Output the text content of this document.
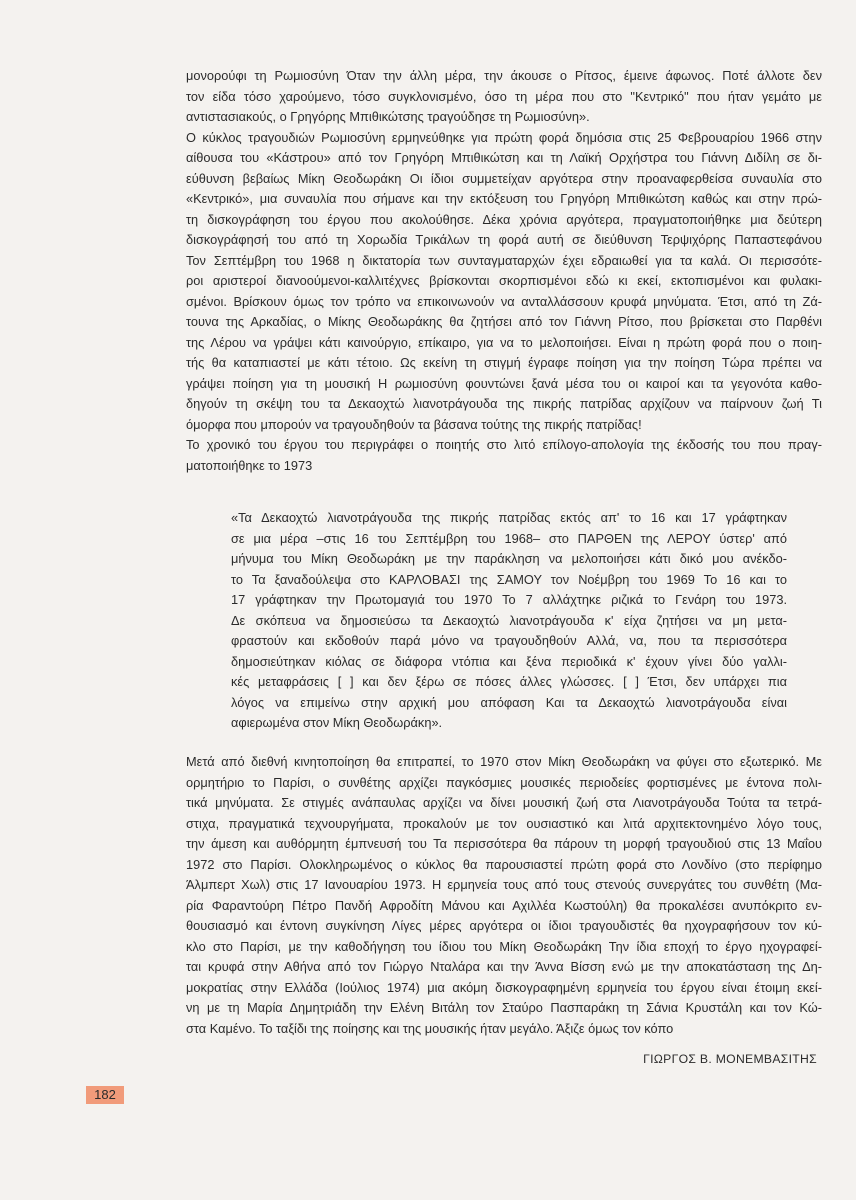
μονορούφι τη Ρωμιοσύνη Όταν την άλλη μέρα, την άκουσε ο Ρίτσος, έμεινε άφωνος. Ποτέ άλλοτε δεν
τον είδα τόσο χαρούμενο, τόσο συγκλονισμένο, όσο τη μέρα που στο "Κεντρικό" που ήταν γεμάτο με
αντιστασιακούς, ο Γρηγόρης Μπιθικώτσης τραγούδησε τη Ρωμιοσύνη».
Ο κύκλος τραγουδιών Ρωμιοσύνη ερμηνεύθηκε για πρώτη φορά δημόσια στις 25 Φεβρουαρίου 1966 στην
αίθουσα του «Κάστρου» από τον Γρηγόρη Μπιθικώτση και τη Λαϊκή Ορχήστρα του Γιάννη Διδίλη σε δι-
εύθυνση βεβαίως Μίκη Θεοδωράκη Οι ίδιοι συμμετείχαν αργότερα στην προαναφερθείσα συναυλία στο
«Κεντρικό», μια συναυλία που σήμανε και την εκτόξευση του Γρηγόρη Μπιθικώτση καθώς και στην πρώ-
τη δισκογράφηση του έργου που ακολούθησε. Δέκα χρόνια αργότερα, πραγματοποιήθηκε μια δεύτερη
δισκογράφησή του από τη Χορωδία Τρικάλων τη φορά αυτή σε διεύθυνση Τερψιχόρης Παπαστεφάνου
Τον Σεπτέμβρη του 1968 η δικτατορία των συνταγματαρχών έχει εδραιωθεί για τα καλά. Οι περισσότε-
ροι αριστεροί διανοούμενοι-καλλιτέχνες βρίσκονται σκορπισμένοι εδώ κι εκεί, εκτοπισμένοι και φυλακι-
σμένοι. Βρίσκουν όμως τον τρόπο να επικοινωνούν να ανταλλάσσουν κρυφά μηνύματα. Έτσι, από τη Ζά-
τουνα της Αρκαδίας, ο Μίκης Θεοδωράκης θα ζητήσει από τον Γιάννη Ρίτσο, που βρίσκεται στο Παρθένι
της Λέρου να γράψει κάτι καινούργιο, επίκαιρο, για να το μελοποιήσει. Είναι η πρώτη φορά που ο ποιη-
τής θα καταπιαστεί με κάτι τέτοιο. Ως εκείνη τη στιγμή έγραφε ποίηση για την ποίηση Τώρα πρέπει να
γράψει ποίηση για τη μουσική Η ρωμιοσύνη φουντώνει ξανά μέσα του οι καιροί και τα γεγονότα καθο-
δηγούν τη σκέψη του τα Δεκαοχτώ λιανοτράγουδα της πικρής πατρίδας αρχίζουν να παίρνουν ζωή Τι
όμορφα που μπορούν να τραγουδηθούν τα βάσανα τούτης της πικρής πατρίδας!
Το χρονικό του έργου του περιγράφει ο ποιητής στο λιτό επίλογο-απολογία της έκδοσής του που πραγ-
ματοποιήθηκε το 1973
«Τα Δεκαοχτώ λιανοτράγουδα της πικρής πατρίδας εκτός απ' το 16 και 17 γράφτηκαν
σε μια μέρα –στις 16 του Σεπτέμβρη του 1968– στο ΠΑΡΘΕΝ της ΛΕΡΟΥ ύστερ' από
μήνυμα του Μίκη Θεοδωράκη με την παράκληση να μελοποιήσει κάτι δικό μου ανέκδο-
το Τα ξαναδούλεψα στο ΚΑΡΛΟΒΑΣΙ της ΣΑΜΟΥ τον Νοέμβρη του 1969 Το 16 και το
17 γράφτηκαν την Πρωτομαγιά του 1970 Το 7 αλλάχτηκε ριζικά το Γενάρη του 1973.
Δε σκόπευα να δημοσιεύσω τα Δεκαοχτώ λιανοτράγουδα κ' είχα ζητήσει να μη μετα-
φραστούν και εκδοθούν παρά μόνο να τραγουδηθούν Αλλά, να, που τα περισσότερα
δημοσιεύτηκαν κιόλας σε διάφορα ντόπια και ξένα περιοδικά κ' έχουν γίνει δύο γαλλι-
κές μεταφράσεις [ ] και δεν ξέρω σε πόσες άλλες γλώσσες. [ ] Έτσι, δεν υπάρχει πια
λόγος να επιμείνω στην αρχική μου απόφαση Και τα Δεκαοχτώ λιανοτράγουδα είναι
αφιερωμένα στον Μίκη Θεοδωράκη».
Μετά από διεθνή κινητοποίηση θα επιτραπεί, το 1970 στον Μίκη Θεοδωράκη να φύγει στο εξωτερικό. Με
ορμητήριο το Παρίσι, ο συνθέτης αρχίζει παγκόσμιες μουσικές περιοδείες φορτισμένες με έντονα πολι-
τικά μηνύματα. Σε στιγμές ανάπαυλας αρχίζει να δίνει μουσική ζωή στα Λιανοτράγουδα Τούτα τα τετρά-
στιχα, πραγματικά τεχνουργήματα, προκαλούν με τον ουσιαστικό και λιτά αρχιτεκτονημένο λόγο τους,
την άμεση και αυθόρμητη έμπνευσή του Τα περισσότερα θα πάρουν τη μορφή τραγουδιού στις 13 Μαΐου
1972 στο Παρίσι. Ολοκληρωμένος ο κύκλος θα παρουσιαστεί πρώτη φορά στο Λονδίνο (στο περίφημο
Άλμπερτ Χωλ) στις 17 Ιανουαρίου 1973. Η ερμηνεία τους από τους στενούς συνεργάτες του συνθέτη (Μα-
ρία Φαραντούρη Πέτρο Πανδή Αφροδίτη Μάνου και Αχιλλέα Κωστούλη) θα προκαλέσει ανυπόκριτο εν-
θουσιασμό και έντονη συγκίνηση Λίγες μέρες αργότερα οι ίδιοι τραγουδιστές θα ηχογραφήσουν τον κύ-
κλο στο Παρίσι, με την καθοδήγηση του ίδιου του Μίκη Θεοδωράκη Την ίδια εποχή το έργο ηχογραφεί-
ται κρυφά στην Αθήνα από τον Γιώργο Νταλάρα και την Άννα Βίσση ενώ με την αποκατάσταση της Δη-
μοκρατίας στην Ελλάδα (Ιούλιος 1974) μια ακόμη δισκογραφημένη ερμηνεία του έργου είναι έτοιμη εκεί-
νη με τη Μαρία Δημητριάδη την Ελένη Βιτάλη τον Σταύρο Πασπαράκη τη Σάνια Κρυστάλη και τον Κώ-
στα Καμένο. Το ταξίδι της ποίησης και της μουσικής ήταν μεγάλο. Άξιζε όμως τον κόπο
ΓΙΩΡΓΟΣ Β. ΜΟΝΕΜΒΑΣΙΤΗΣ
182
